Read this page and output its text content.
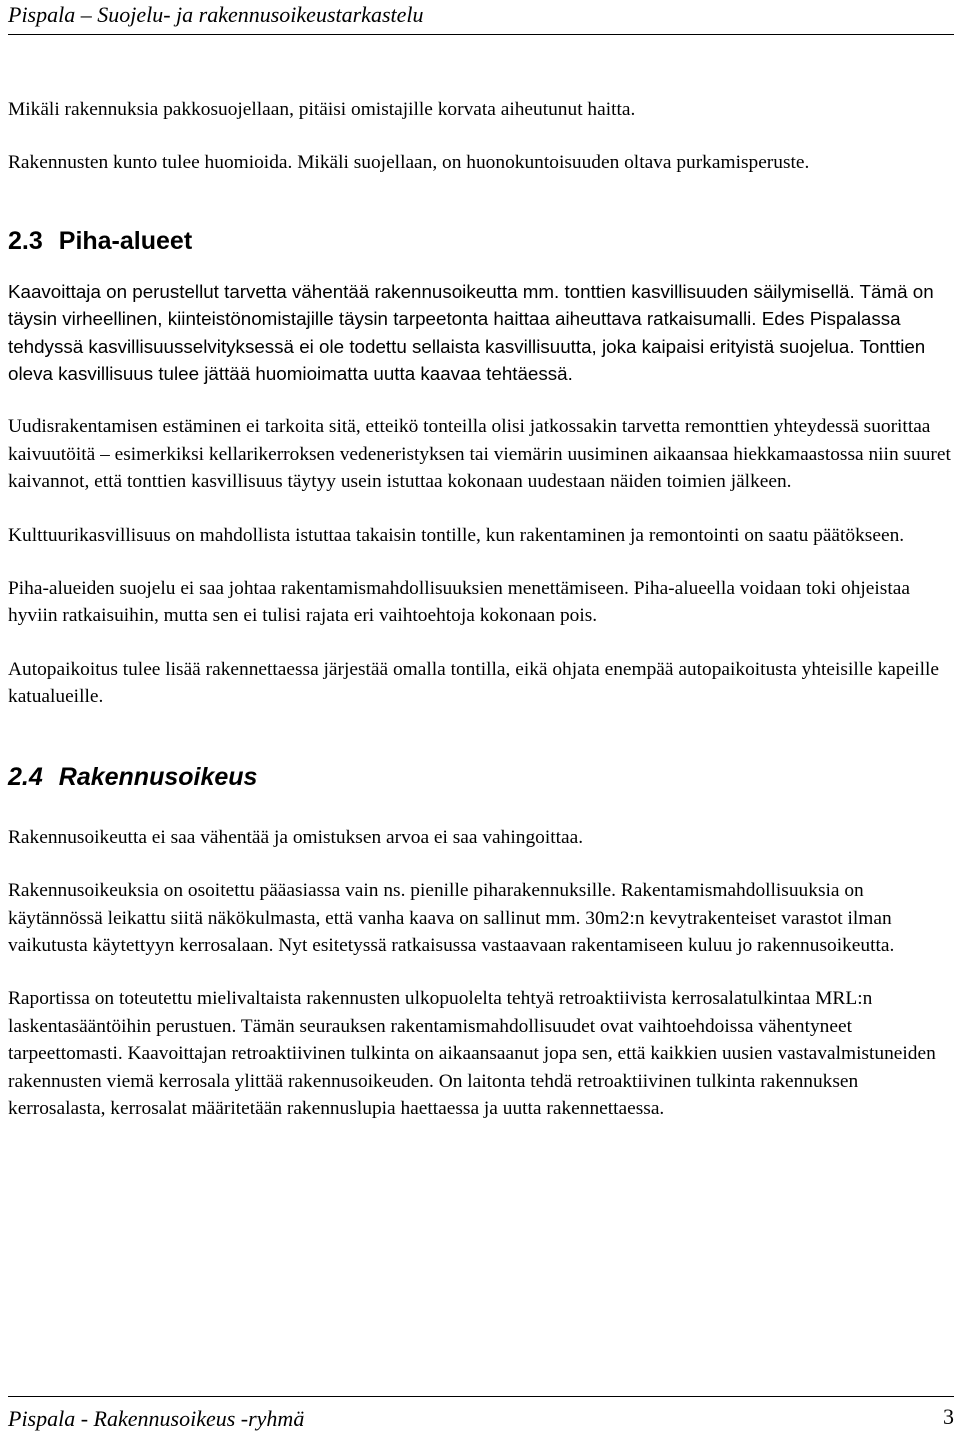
Pispala – Suojelu- ja rakennusoikeustarkastelu

Mikäli rakennuksia pakkosuojellaan, pitäisi omistajille korvata aiheutunut haitta.

Rakennusten kunto tulee huomioida. Mikäli suojellaan, on huonokuntoisuuden oltava purkamisperuste.

2.3 Piha-alueet

Kaavoittaja on perustellut tarvetta vähentää rakennusoikeutta mm. tonttien kasvillisuuden säilymisellä. Tämä on täysin virheellinen, kiinteistönomistajille täysin tarpeetonta haittaa aiheuttava ratkaisumalli. Edes Pispalassa tehdyssä kasvillisuusselvityksessä ei ole todettu sellaista kasvillisuutta, joka kaipaisi erityistä suojelua. Tonttien oleva kasvillisuus tulee jättää huomioimatta uutta kaavaa tehtäessä.

Uudisrakentamisen estäminen ei tarkoita sitä, etteikö tonteilla olisi jatkossakin tarvetta remonttien yhteydessä suorittaa kaivuutöitä – esimerkiksi kellarikerroksen vedeneristyksen tai viemärin uusiminen aikaansaa hiekkamaastossa niin suuret kaivannot, että tonttien kasvillisuus täytyy usein istuttaa kokonaan uudestaan näiden toimien jälkeen.

Kulttuurikasvillisuus on mahdollista istuttaa takaisin tontille, kun rakentaminen ja remontointi on saatu päätökseen.

Piha-alueiden suojelu ei saa johtaa rakentamismahdollisuuksien menettämiseen. Piha-alueella voidaan toki ohjeistaa hyviin ratkaisuihin, mutta sen ei tulisi rajata eri vaihtoehtoja kokonaan pois.

Autopaikoitus tulee lisää rakennettaessa järjestää omalla tontilla, eikä ohjata enempää autopaikoitusta yhteisille kapeille katualueille.

2.4 Rakennusoikeus

Rakennusoikeutta ei saa vähentää ja omistuksen arvoa ei saa vahingoittaa.

Rakennusoikeuksia on osoitettu pääasiassa vain ns. pienille piharakennuksille. Rakentamismahdollisuuksia on käytännössä leikattu siitä näkökulmasta, että vanha kaava on sallinut mm. 30m2:n kevytrakenteiset varastot ilman vaikutusta käytettyyn kerrosalaan. Nyt esitetyssä ratkaisussa vastaavaan rakentamiseen kuluu jo rakennusoikeutta.

Raportissa on toteutettu mielivaltaista rakennusten ulkopuolelta tehtyä retroaktiivista kerrosalatulkintaa MRL:n laskentasääntöihin perustuen. Tämän seurauksen rakentamismahdollisuudet ovat vaihtoehdoissa vähentyneet tarpeettomasti. Kaavoittajan retroaktiivinen tulkinta on aikaansaanut jopa sen, että kaikkien uusien vastavalmistuneiden rakennusten viemä kerrosala ylittää rakennusoikeuden. On laitonta tehdä retroaktiivinen tulkinta rakennuksen kerrosalasta, kerrosalat määritetään rakennuslupia haettaessa ja uutta rakennettaessa.

Pispala - Rakennusoikeus -ryhmä	3
